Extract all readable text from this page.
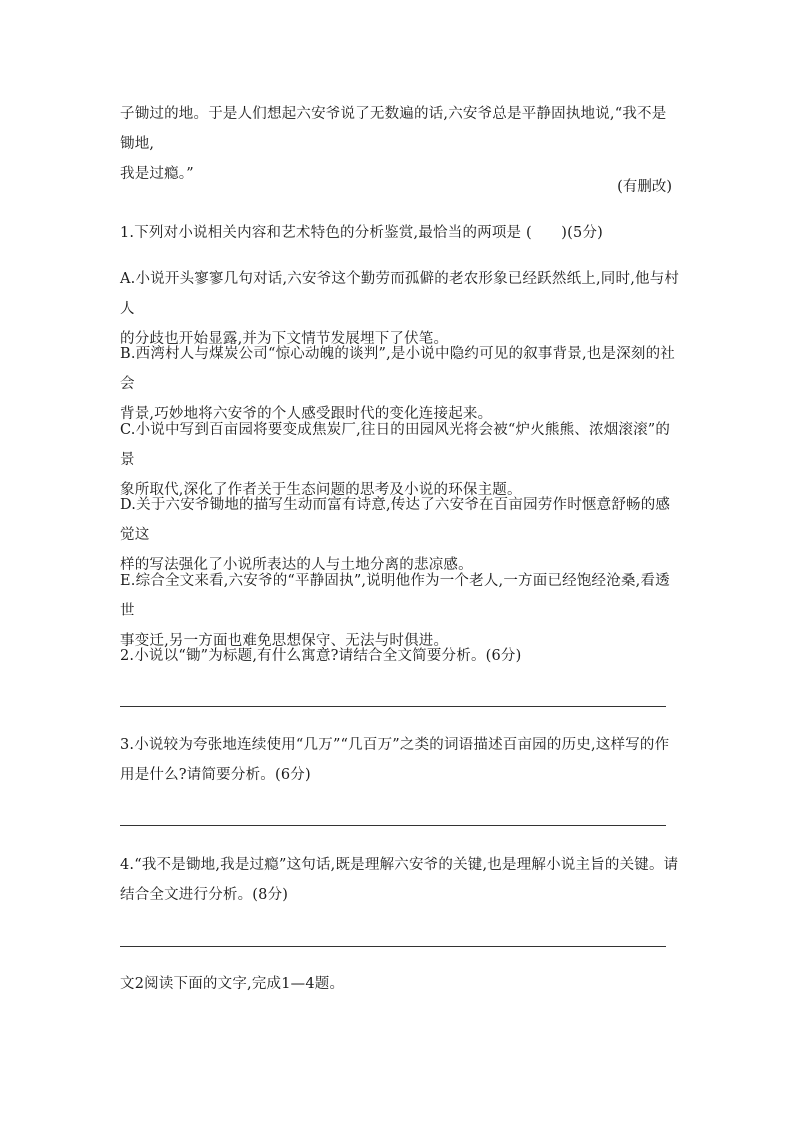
子锄过的地。于是人们想起六安爷说了无数遍的话,六安爷总是平静固执地说,“我不是锄地,
我是过瘾。”
(有删改)
1.下列对小说相关内容和艺术特色的分析鉴赏,最恰当的两项是 (　　)(5分)
A.小说开头寥寥几句对话,六安爷这个勤劳而孤僻的老农形象已经跃然纸上,同时,他与村人
的分歧也开始显露,并为下文情节发展埋下了伏笔。
B.西湾村人与煤炭公司“惊心动魄的谈判”,是小说中隐约可见的叙事背景,也是深刻的社会
背景,巧妙地将六安爷的个人感受跟时代的变化连接起来。
C.小说中写到百亩园将要变成焦炭厂,往日的田园风光将会被“炉火熊熊、浓烟滚滚”的景
象所取代,深化了作者关于生态问题的思考及小说的环保主题。
D.关于六安爷锄地的描写生动而富有诗意,传达了六安爷在百亩园劳作时惬意舒畅的感觉这
样的写法强化了小说所表达的人与土地分离的悲凉感。
E.综合全文来看,六安爷的“平静固执”,说明他作为一个老人,一方面已经饱经沧桑,看透世
事变迁,另一方面也难免思想保守、无法与时俱进。
2.小说以“锄”为标题,有什么寓意?请结合全文简要分析。(6分)
3.小说较为夸张地连续使用“几万”“几百万”之类的词语描述百亩园的历史,这样写的作
用是什么?请简要分析。(6分)
4.“我不是锄地,我是过瘾”这句话,既是理解六安爷的关键,也是理解小说主旨的关键。请
结合全文进行分析。(8分)
文2阅读下面的文字,完成1—4题。
